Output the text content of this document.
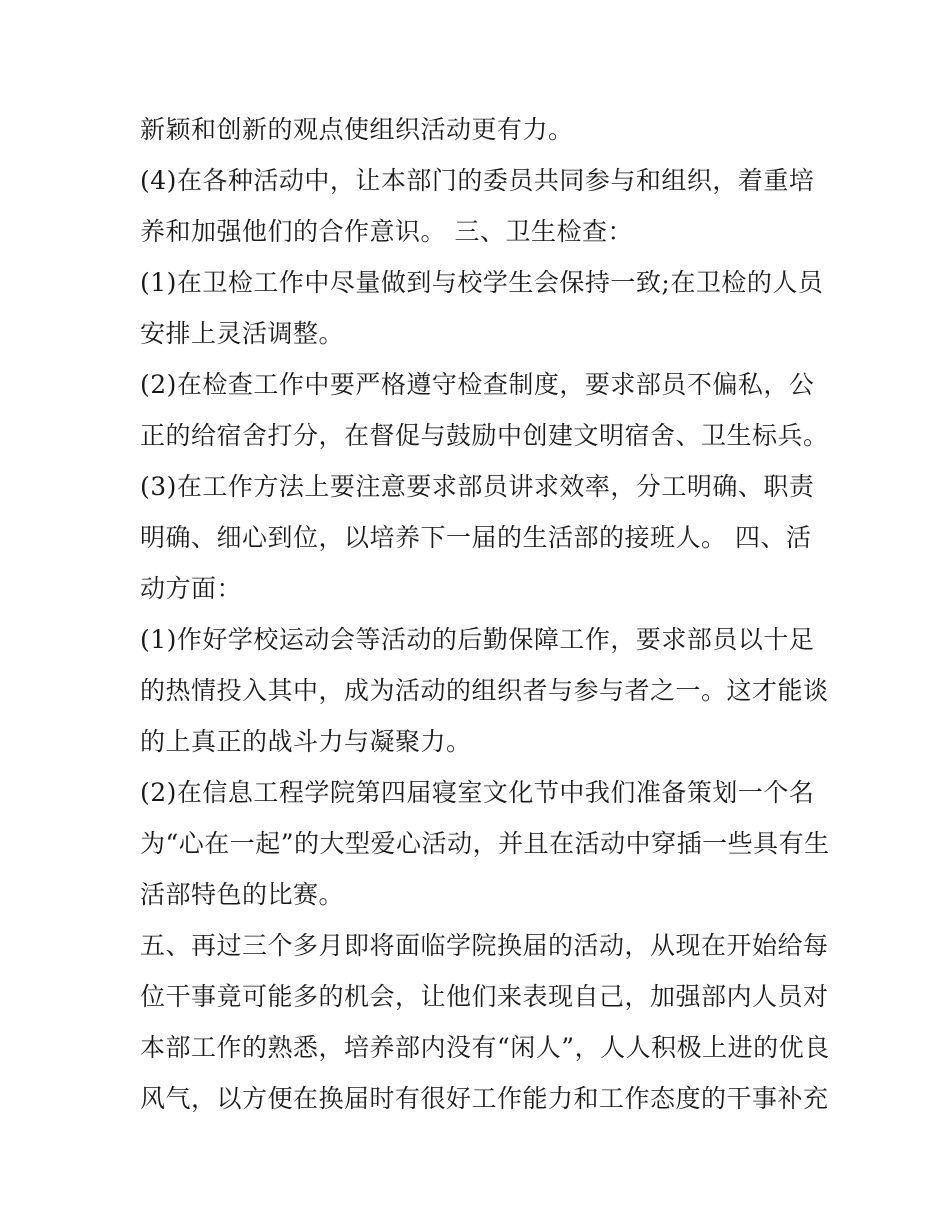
新颖和创新的观点使组织活动更有力。
(4)在各种活动中，让本部门的委员共同参与和组织，着重培
养和加强他们的合作意识。 三、卫生检查：
(1)在卫检工作中尽量做到与校学生会保持一致;在卫检的人员
安排上灵活调整。
(2)在检查工作中要严格遵守检查制度，要求部员不偏私，公
正的给宿舍打分，在督促与鼓励中创建文明宿舍、卫生标兵。
(3)在工作方法上要注意要求部员讲求效率，分工明确、职责
明确、细心到位，以培养下一届的生活部的接班人。 四、活
动方面：
(1)作好学校运动会等活动的后勤保障工作，要求部员以十足
的热情投入其中，成为活动的组织者与参与者之一。这才能谈
的上真正的战斗力与凝聚力。
(2)在信息工程学院第四届寝室文化节中我们准备策划一个名
为“心在一起”的大型爱心活动，并且在活动中穿插一些具有生
活部特色的比赛。
五、再过三个多月即将面临学院换届的活动，从现在开始给每
位干事竟可能多的机会，让他们来表现自己，加强部内人员对
本部工作的熟悉，培养部内没有“闲人”，人人积极上进的优良
风气，以方便在换届时有很好工作能力和工作态度的干事补充
